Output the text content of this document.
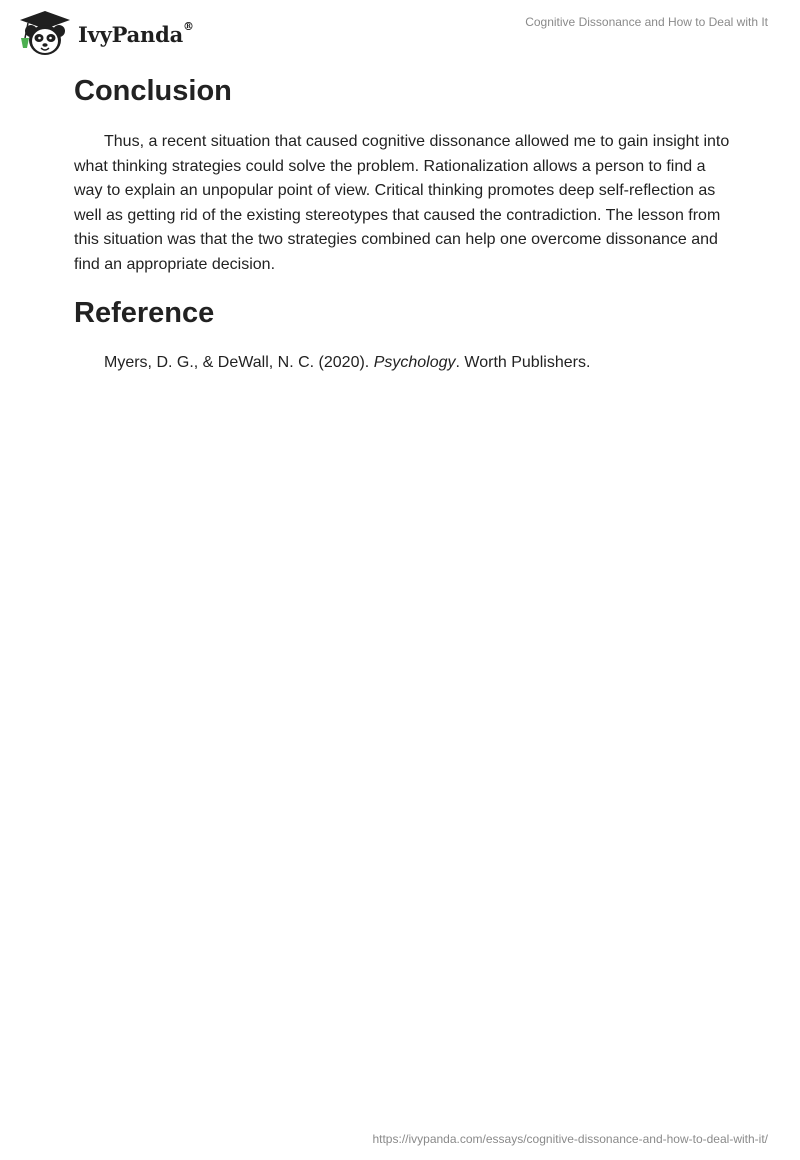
IvyPanda®	Cognitive Dissonance and How to Deal with It
Conclusion

Thus, a recent situation that caused cognitive dissonance allowed me to gain insight into what thinking strategies could solve the problem. Rationalization allows a person to find a way to explain an unpopular point of view. Critical thinking promotes deep self-reflection as well as getting rid of the existing stereotypes that caused the contradiction. The lesson from this situation was that the two strategies combined can help one overcome dissonance and find an appropriate decision.

Reference

Myers, D. G., & DeWall, N. C. (2020). Psychology. Worth Publishers.

https://ivypanda.com/essays/cognitive-dissonance-and-how-to-deal-with-it/
